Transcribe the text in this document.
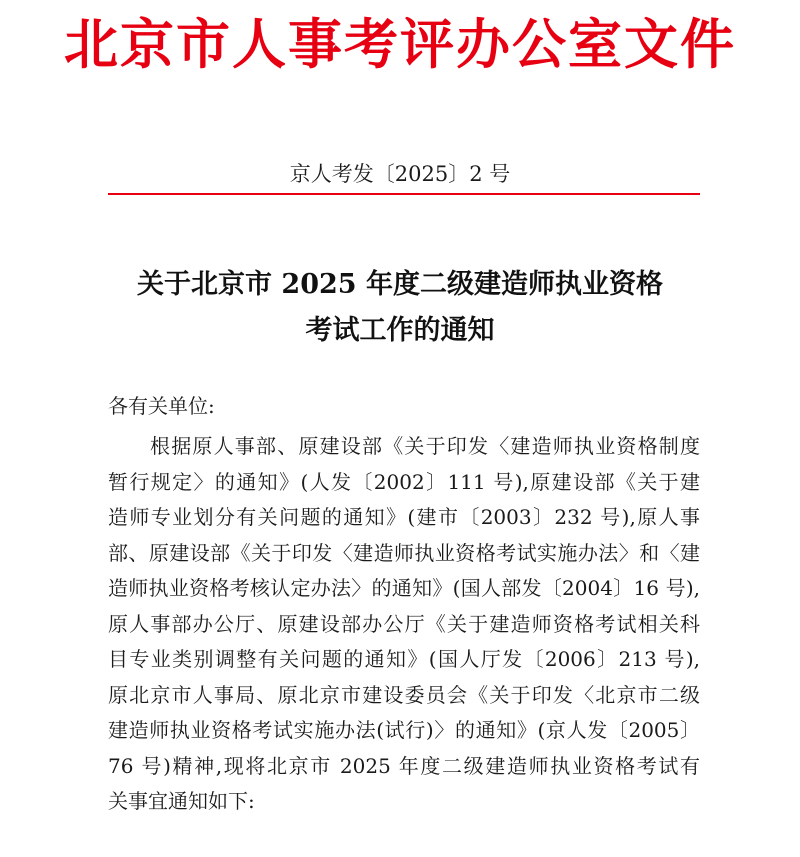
北京市人事考评办公室文件
京人考发〔2025〕2 号
关于北京市 2025 年度二级建造师执业资格
考试工作的通知
各有关单位:
根据原人事部、原建设部《关于印发〈建造师执业资格制度
暂行规定〉的通知》(人发〔2002〕111 号),原建设部《关于建
造师专业划分有关问题的通知》(建市〔2003〕232 号),原人事
部、原建设部《关于印发〈建造师执业资格考试实施办法〉和〈建
造师执业资格考核认定办法〉的通知》(国人部发〔2004〕16 号),
原人事部办公厅、原建设部办公厅《关于建造师资格考试相关科
目专业类别调整有关问题的通知》(国人厅发〔2006〕213 号),
原北京市人事局、原北京市建设委员会《关于印发〈北京市二级
建造师执业资格考试实施办法(试行)〉的通知》(京人发〔2005〕
76 号)精神,现将北京市 2025 年度二级建造师执业资格考试有
关事宜通知如下:
